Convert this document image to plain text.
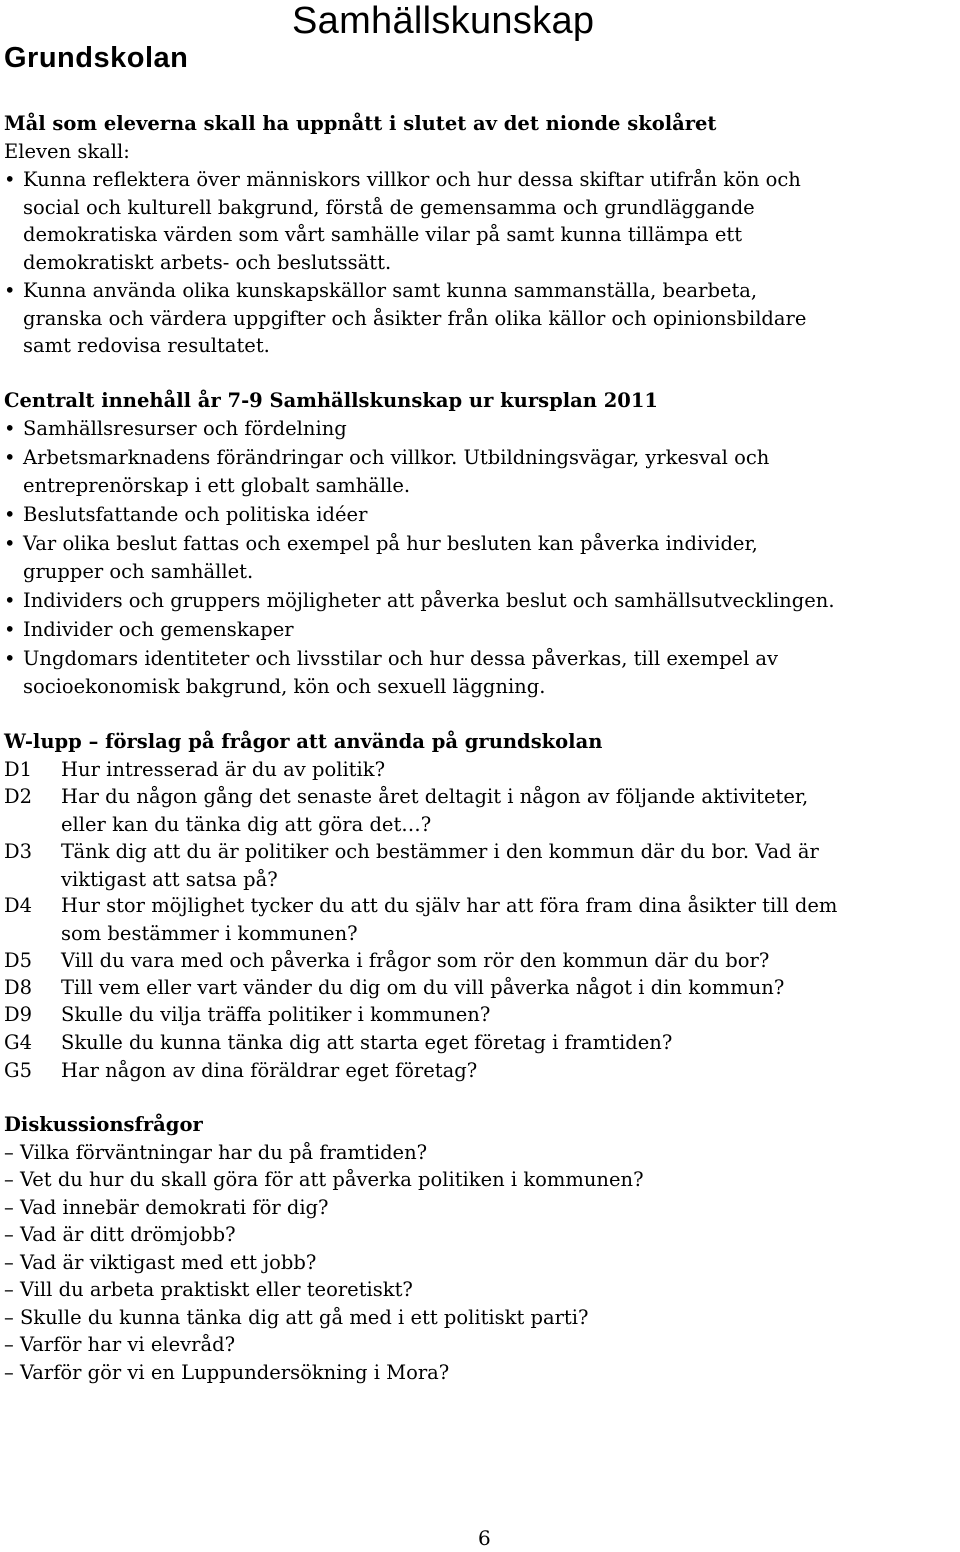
Grundskolan
Samhällskunskap
Mål som eleverna skall ha uppnått i slutet av det nionde skolåret
Eleven skall:
• Kunna reflektera över människors villkor och hur dessa skiftar utifrån kön och
social och kulturell bakgrund, förstå de gemensamma och grundläggande
demokratiska värden som vårt samhälle vilar på samt kunna tillämpa ett
demokratiskt arbets- och beslutssätt.
• Kunna använda olika kunskapskällor samt kunna sammanställa, bearbeta,
granska och värdera uppgifter och åsikter från olika källor och opinionsbildare
samt redovisa resultatet.
Centralt innehåll år 7-9 Samhällskunskap ur kursplan 2011
• Samhällsresurser och fördelning
• Arbetsmarknadens förändringar och villkor. Utbildningsvägar, yrkesval och
entreprenörskap i ett globalt samhälle.
• Beslutsfattande och politiska idéer
• Var olika beslut fattas och exempel på hur besluten kan påverka individer,
grupper och samhället.
• Individers och gruppers möjligheter att påverka beslut och samhällsutvecklingen.
• Individer och gemenskaper
• Ungdomars identiteter och livsstilar och hur dessa påverkas, till exempel av
socioekonomisk bakgrund, kön och sexuell läggning.
W-lupp – förslag på frågor att använda på grundskolan
D1 Hur intresserad är du av politik?
D2 Har du någon gång det senaste året deltagit i någon av följande aktiviteter,
eller kan du tänka dig att göra det…?
D3 Tänk dig att du är politiker och bestämmer i den kommun där du bor. Vad är
viktigast att satsa på?
D4 Hur stor möjlighet tycker du att du själv har att föra fram dina åsikter till dem
som bestämmer i kommunen?
D5 Vill du vara med och påverka i frågor som rör den kommun där du bor?
D8 Till vem eller vart vänder du dig om du vill påverka något i din kommun?
D9 Skulle du vilja träffa politiker i kommunen?
G4 Skulle du kunna tänka dig att starta eget företag i framtiden?
G5 Har någon av dina föräldrar eget företag?
Diskussionsfrågor
– Vilka förväntningar har du på framtiden?
– Vet du hur du skall göra för att påverka politiken i kommunen?
– Vad innebär demokrati för dig?
– Vad är ditt drömjobb?
– Vad är viktigast med ett jobb?
– Vill du arbeta praktiskt eller teoretiskt?
– Skulle du kunna tänka dig att gå med i ett politiskt parti?
– Varför har vi elevråd?
– Varför gör vi en Luppundersökning i Mora?
6
